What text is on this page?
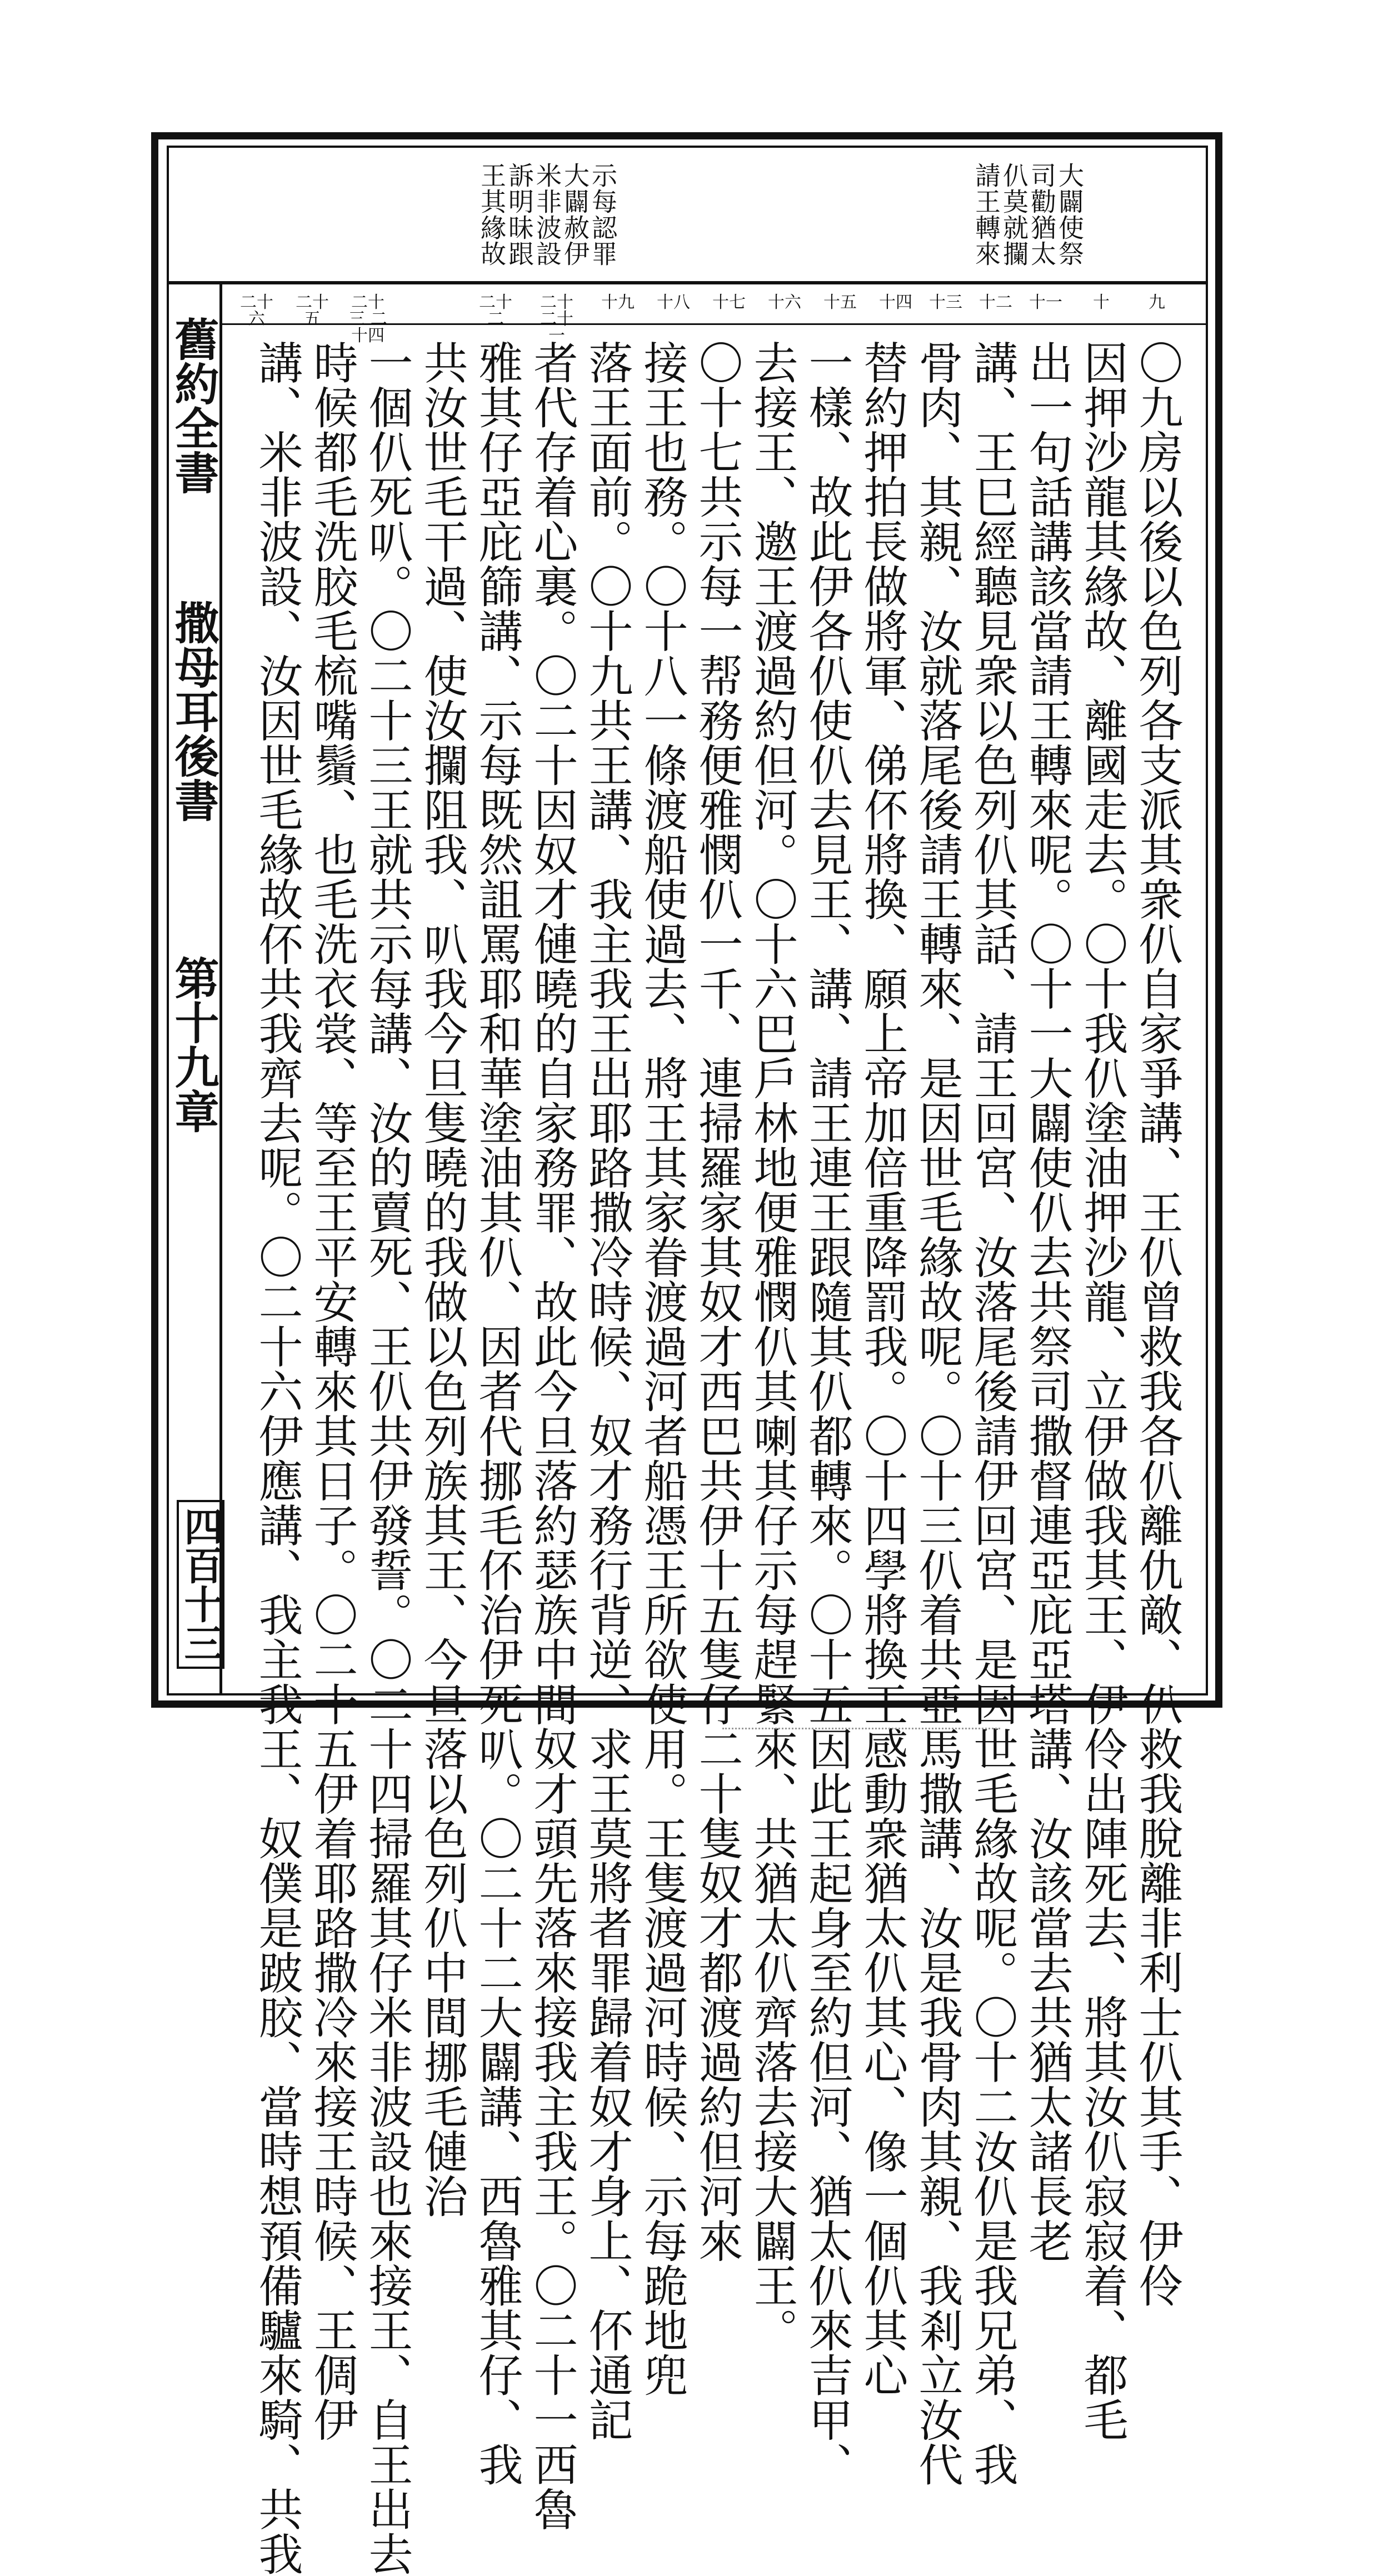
大闢使祭
司勸猶太
仈莫就攔
請王轉來
示每認罪
大闢赦伊
米非波設
訴明昧跟
王其緣故
九
十
十一
十二
十三
十四
十五
十六
十七
十八
十九
二十 二十一
二十二
二十三 二十四
二十五
二十六
舊約全書
撒母耳後書
第十九章
四百十三	〇九房以後以色列各支派其衆仈自家爭講、王仈曾救我各仈離仇敵、仈救我脫離非利士仈其手、伊伶
因押沙龍其緣故、離國走去。〇十我仈塗油押沙龍、立伊做我其王、伊伶出陣死去、將其汝仈寂寂着、都毛
出一句話講該當請王轉來呢。〇十一大闢使仈去共祭司撒督連亞庇亞塔講、汝該當去共猶太諸長老
講、王巳經聽見衆以色列仈其話、請王回宮、汝落尾後請伊回宮、是因世毛緣故呢。〇十二汝仈是我兄弟、我
骨肉、其親、汝就落尾後請王轉來、是因世毛緣故呢。〇十三仈着共亞馬撒講、汝是我骨肉其親、我剎立汝代
替約押拍長做將軍、俤伓將換、願上帝加倍重降罰我。〇十四學將換王感動衆猶太仈其心、像一個仈其心
一樣、故此伊各仈使仈去見王、講、請王連王跟隨其仈都轉來。〇十五因此王起身至約但河、猶太仈來吉甲、
去接王、邀王渡過約但河。〇十六巴戶林地便雅憫仈其喇其仔示每趕緊來、共猶太仈齊落去接大闢王。
〇十七共示每一帮務便雅憫仈一千、連掃羅家其奴才西巴共伊十五隻仔二十隻奴才都渡過約但河來
接王也務。〇十八一條渡船使過去、將王其家眷渡過河者船憑王所欲使用。王隻渡過河時候、示每跪地兜
落王面前。〇十九共王講、我主我王出耶路撒冷時候、奴才務行背逆、求王莫將者罪歸着奴才身上、伓通記
者代存着心裏。〇二十因奴才僆曉的自家務罪、故此今旦落約瑟族中間奴才頭先落來接我主我王。〇二十一西魯
雅其仔亞庇篩講、示每既然詛罵耶和華塗油其仈、因者代挪毛伓治伊死叭。〇二十二大闢講、西魯雅其仔、我
共汝世毛干過、使汝攔阻我、叭我今旦隻曉的我做以色列族其王、今旦落以色列仈中間挪毛僆治
一個仈死叭。〇二十三王就共示每講、汝的賣死、王仈共伊發誓。〇二十四掃羅其仔米非波設也來接王、自王出去
時候都毛洗胶毛梳嘴鬚、也毛洗衣裳、等至王平安轉來其日子。〇二十五伊着耶路撒冷來接王時候、王倜伊
講、米非波設、汝因世毛緣故伓共我齊去呢。〇二十六伊應講、我主我王、奴僕是跛胶、當時想預備驢來騎、共我
